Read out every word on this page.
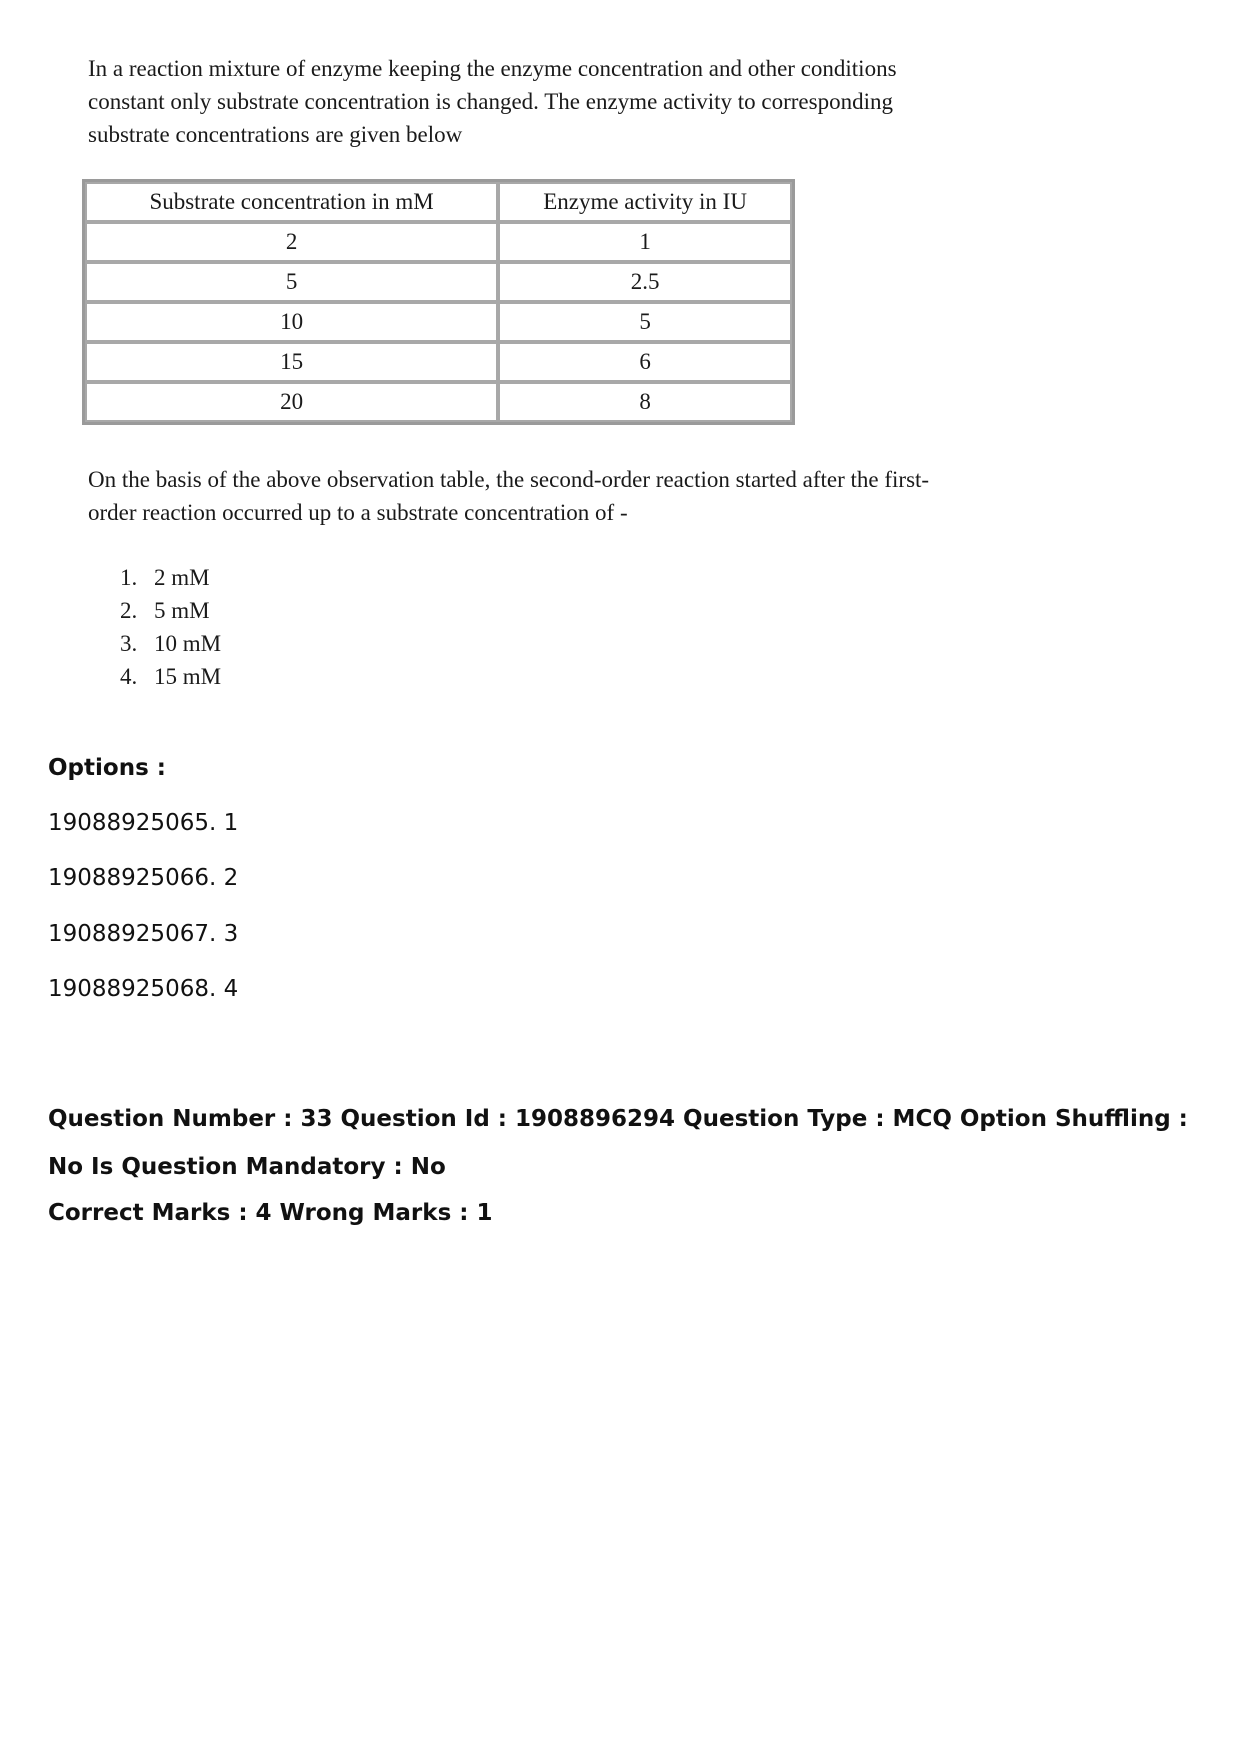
In a reaction mixture of enzyme keeping the enzyme concentration and other conditions constant only substrate concentration is changed. The enzyme activity to corresponding substrate concentrations are given below
Substrate concentration in mM	Enzyme activity in IU
2	1
5	2.5
10	5
15	6
20	8
On the basis of the above observation table, the second-order reaction started after the first-order reaction occurred up to a substrate concentration of -
1. 2 mM
2. 5 mM
3. 10 mM
4. 15 mM
Options :
19088925065. 1
19088925066. 2
19088925067. 3
19088925068. 4
Question Number : 33 Question Id : 1908896294 Question Type : MCQ Option Shuffling : No Is Question Mandatory : No
Correct Marks : 4 Wrong Marks : 1
